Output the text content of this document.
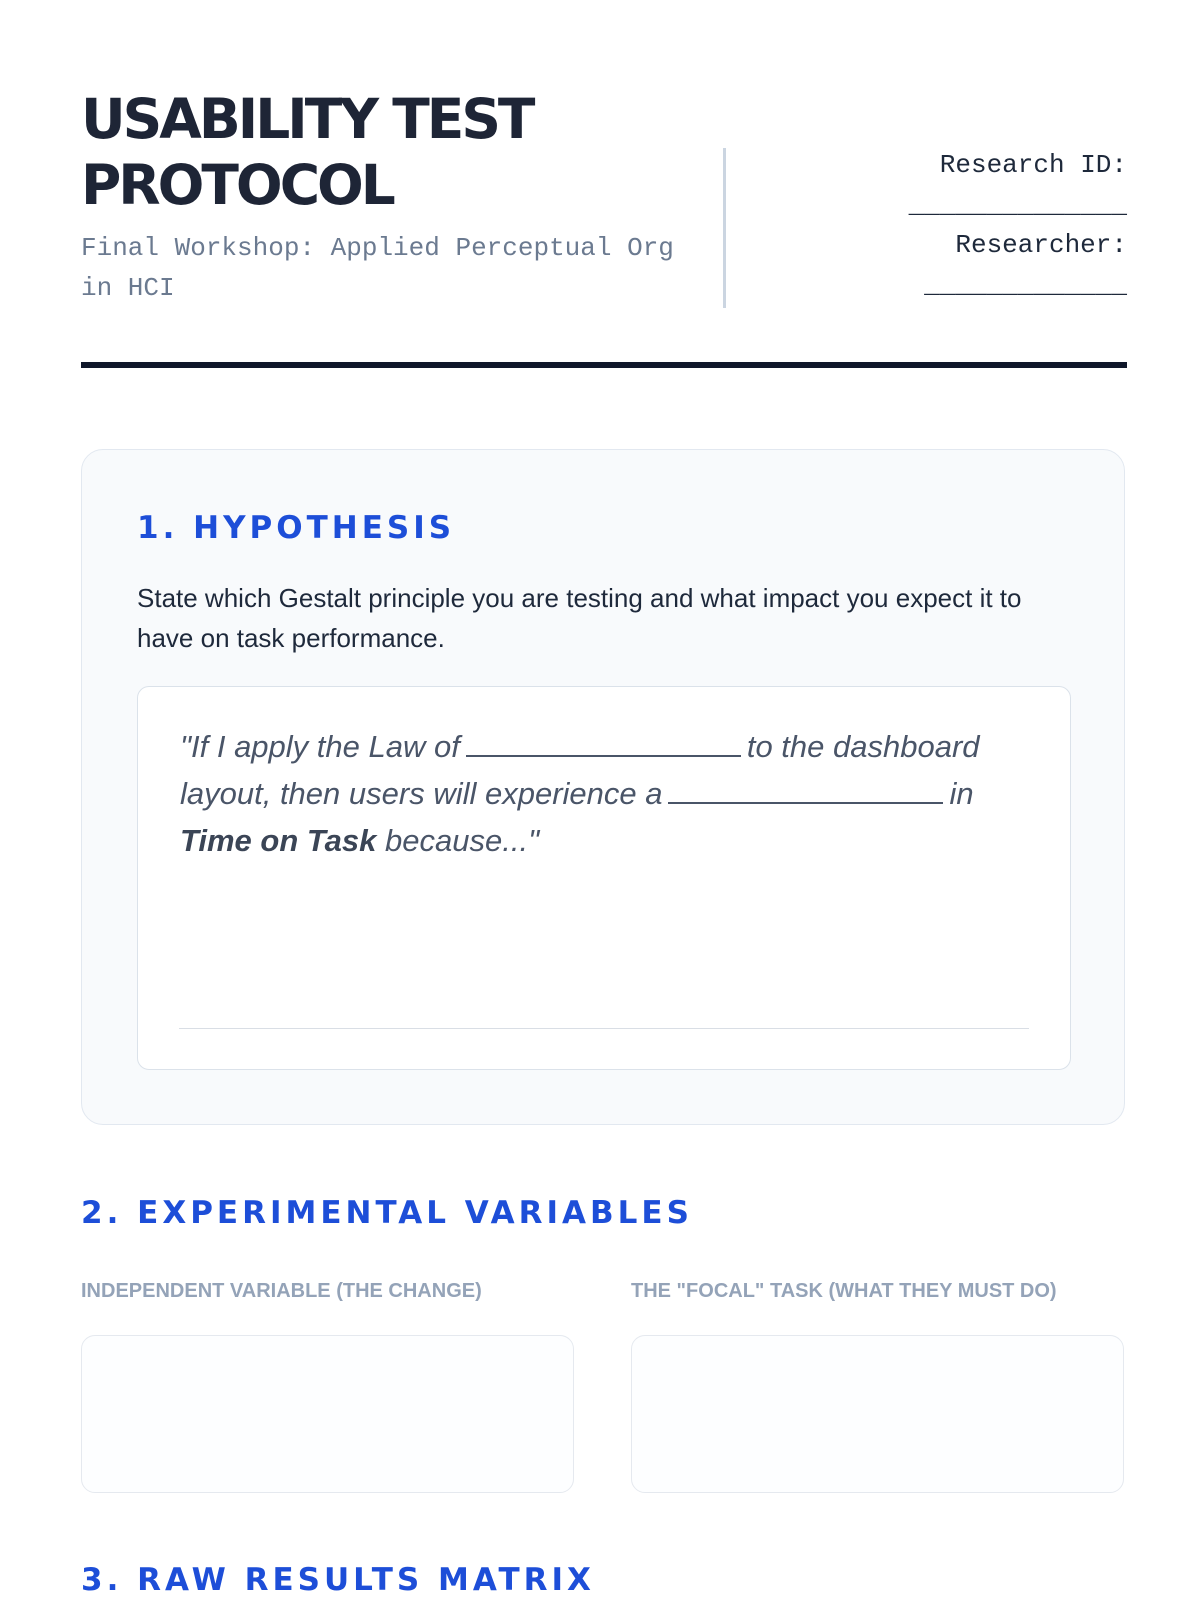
USABILITY TEST PROTOCOL

Final Workshop: Applied Perceptual Org in HCI

Research ID:
______________
Researcher:
_____________
1. HYPOTHESIS

State which Gestalt principle you are testing and what impact you expect it to have on task performance.

"If I apply the Law of	to the dashboard layout, then users will experience a	in Time on Task because..."

2. EXPERIMENTAL VARIABLES

INDEPENDENT VARIABLE (THE CHANGE)	THE "FOCAL" TASK (WHAT THEY MUST DO)

3. RAW RESULTS MATRIX
